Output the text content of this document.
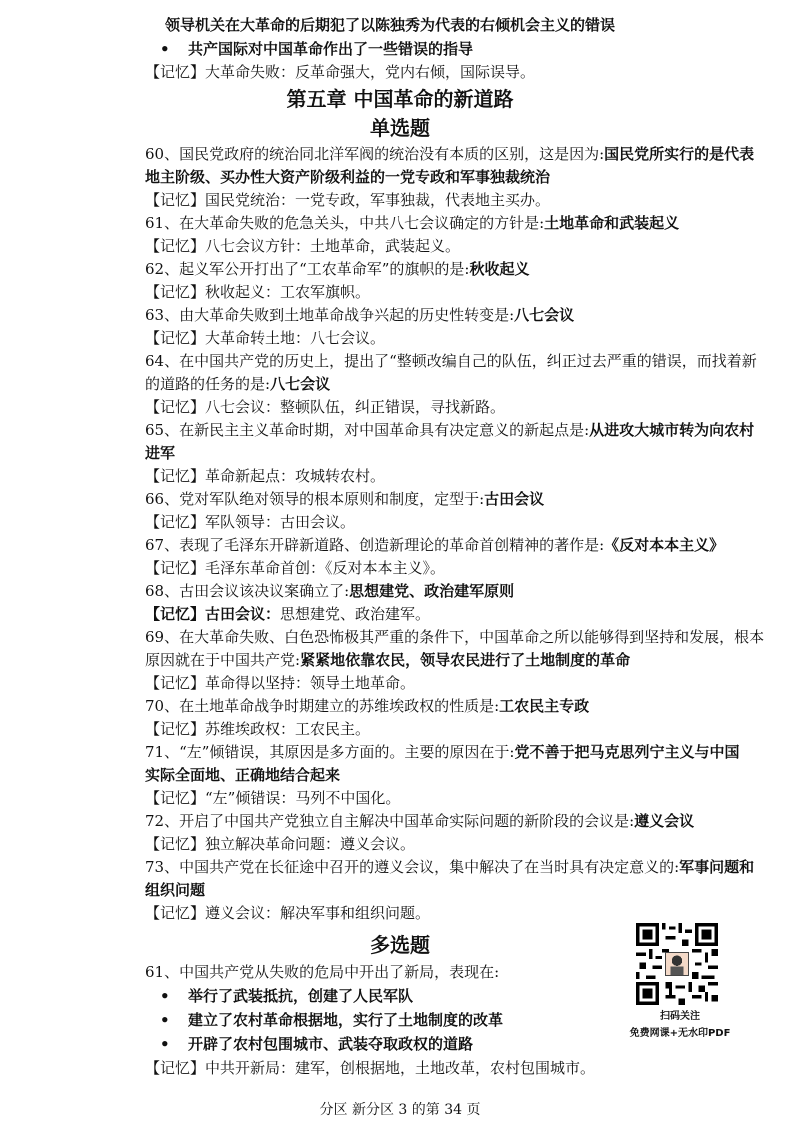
领导机关在大革命的后期犯了以陈独秀为代表的右倾机会主义的错误
• 共产国际对中国革命作出了一些错误的指导
【记忆】大革命失败：反革命强大，党内右倾，国际误导。
第五章 中国革命的新道路
单选题
60、国民党政府的统治同北洋军阀的统治没有本质的区别，这是因为:国民党所实行的是代表
地主阶级、买办性大资产阶级利益的一党专政和军事独裁统治
【记忆】国民党统治：一党专政，军事独裁，代表地主买办。
61、在大革命失败的危急关头，中共八七会议确定的方针是:土地革命和武装起义
【记忆】八七会议方针：土地革命，武装起义。
62、起义军公开打出了“工农革命军”的旗帜的是:秋收起义
【记忆】秋收起义：工农军旗帜。
63、由大革命失败到土地革命战争兴起的历史性转变是:八七会议
【记忆】大革命转土地：八七会议。
64、在中国共产党的历史上，提出了“整顿改编自己的队伍，纠正过去严重的错误，而找着新
的道路的任务的是:八七会议
【记忆】八七会议：整顿队伍，纠正错误，寻找新路。
65、在新民主主义革命时期，对中国革命具有决定意义的新起点是:从进攻大城市转为向农村
进军
【记忆】革命新起点：攻城转农村。
66、党对军队绝对领导的根本原则和制度，定型于:古田会议
【记忆】军队领导：古田会议。
67、表现了毛泽东开辟新道路、创造新理论的革命首创精神的著作是:《反对本本主义》
【记忆】毛泽东革命首创：《反对本本主义》。
68、古田会议该决议案确立了:思想建党、政治建军原则
【记忆】古田会议：思想建党、政治建军。
69、在大革命失败、白色恐怖极其严重的条件下，中国革命之所以能够得到坚持和发展，根本
原因就在于中国共产党:紧紧地依靠农民，领导农民进行了土地制度的革命
【记忆】革命得以坚持：领导土地革命。
70、在土地革命战争时期建立的苏维埃政权的性质是:工农民主专政
【记忆】苏维埃政权：工农民主。
71、“左”倾错误，其原因是多方面的。主要的原因在于:党不善于把马克思列宁主义与中国
实际全面地、正确地结合起来
【记忆】“左”倾错误：马列不中国化。
72、开启了中国共产党独立自主解决中国革命实际问题的新阶段的会议是:遵义会议
【记忆】独立解决革命问题：遵义会议。
73、中国共产党在长征途中召开的遵义会议，集中解决了在当时具有决定意义的:军事问题和
组织问题
【记忆】遵义会议：解决军事和组织问题。
多选题
61、中国共产党从失败的危局中开出了新局，表现在:
• 举行了武装抵抗，创建了人民军队
• 建立了农村革命根据地，实行了土地制度的改革
• 开辟了农村包围城市、武装夺取政权的道路
【记忆】中共开新局：建军，创根据地，土地改革，农村包围城市。
扫码关注
免费网课+无水印PDF
分区 新分区 3 的第 34 页
